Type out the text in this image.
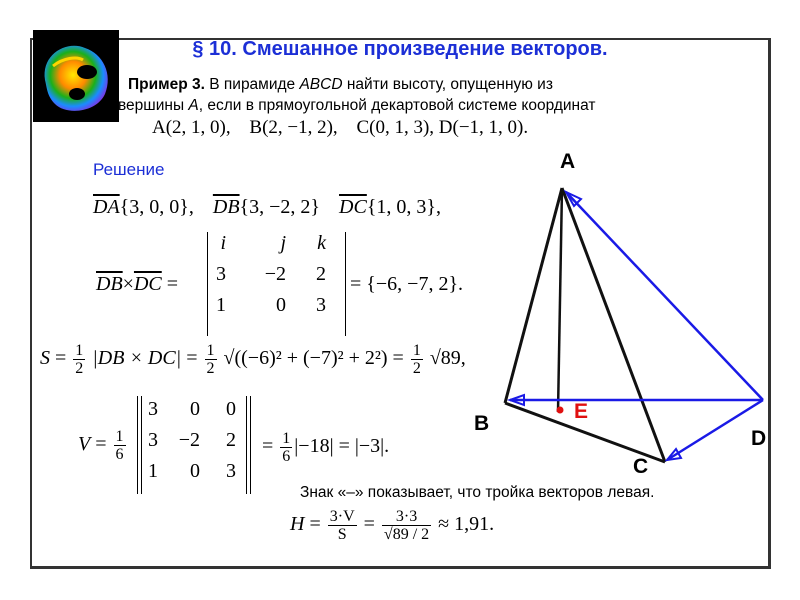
§ 10. Смешанное произведение векторов.
Пример 3. В пирамиде ABCD найти высоту, опущенную из
вершины A, если в прямоугольной декартовой системе координат
A(2, 1, 0), B(2, −1, 2), C(0, 1, 3), D(−1, 1, 0).
Решение
$\overline{DA}\{3$, 0, 0}, $\overline{DB}\{3$, −2, 2} $\overline{DC}\{1$, 0, 3},
$\overline{DB}\times\overline{DC}$ =
i	j	k
3	−2	2
1	0	3
= {−6, −7, 2}.
$S = \frac{1}{2} |DB \times DC| = \frac{1}{2} √((-6)^2 + (-7)^2 + 2^2) = \frac{1}{2} √89$,
$V = \frac{1}{6}$
3	0	0
3	−2	2
1	0	3
= $\frac{1}{6} |-18| = |-3|$.
Знак «–» показывает, что тройка векторов левая.
$H = \frac{3\cdot V}{S} = \frac{3\cdot 3}{√89 / 2} \approx 1,91$.
A
B
C
D
E
